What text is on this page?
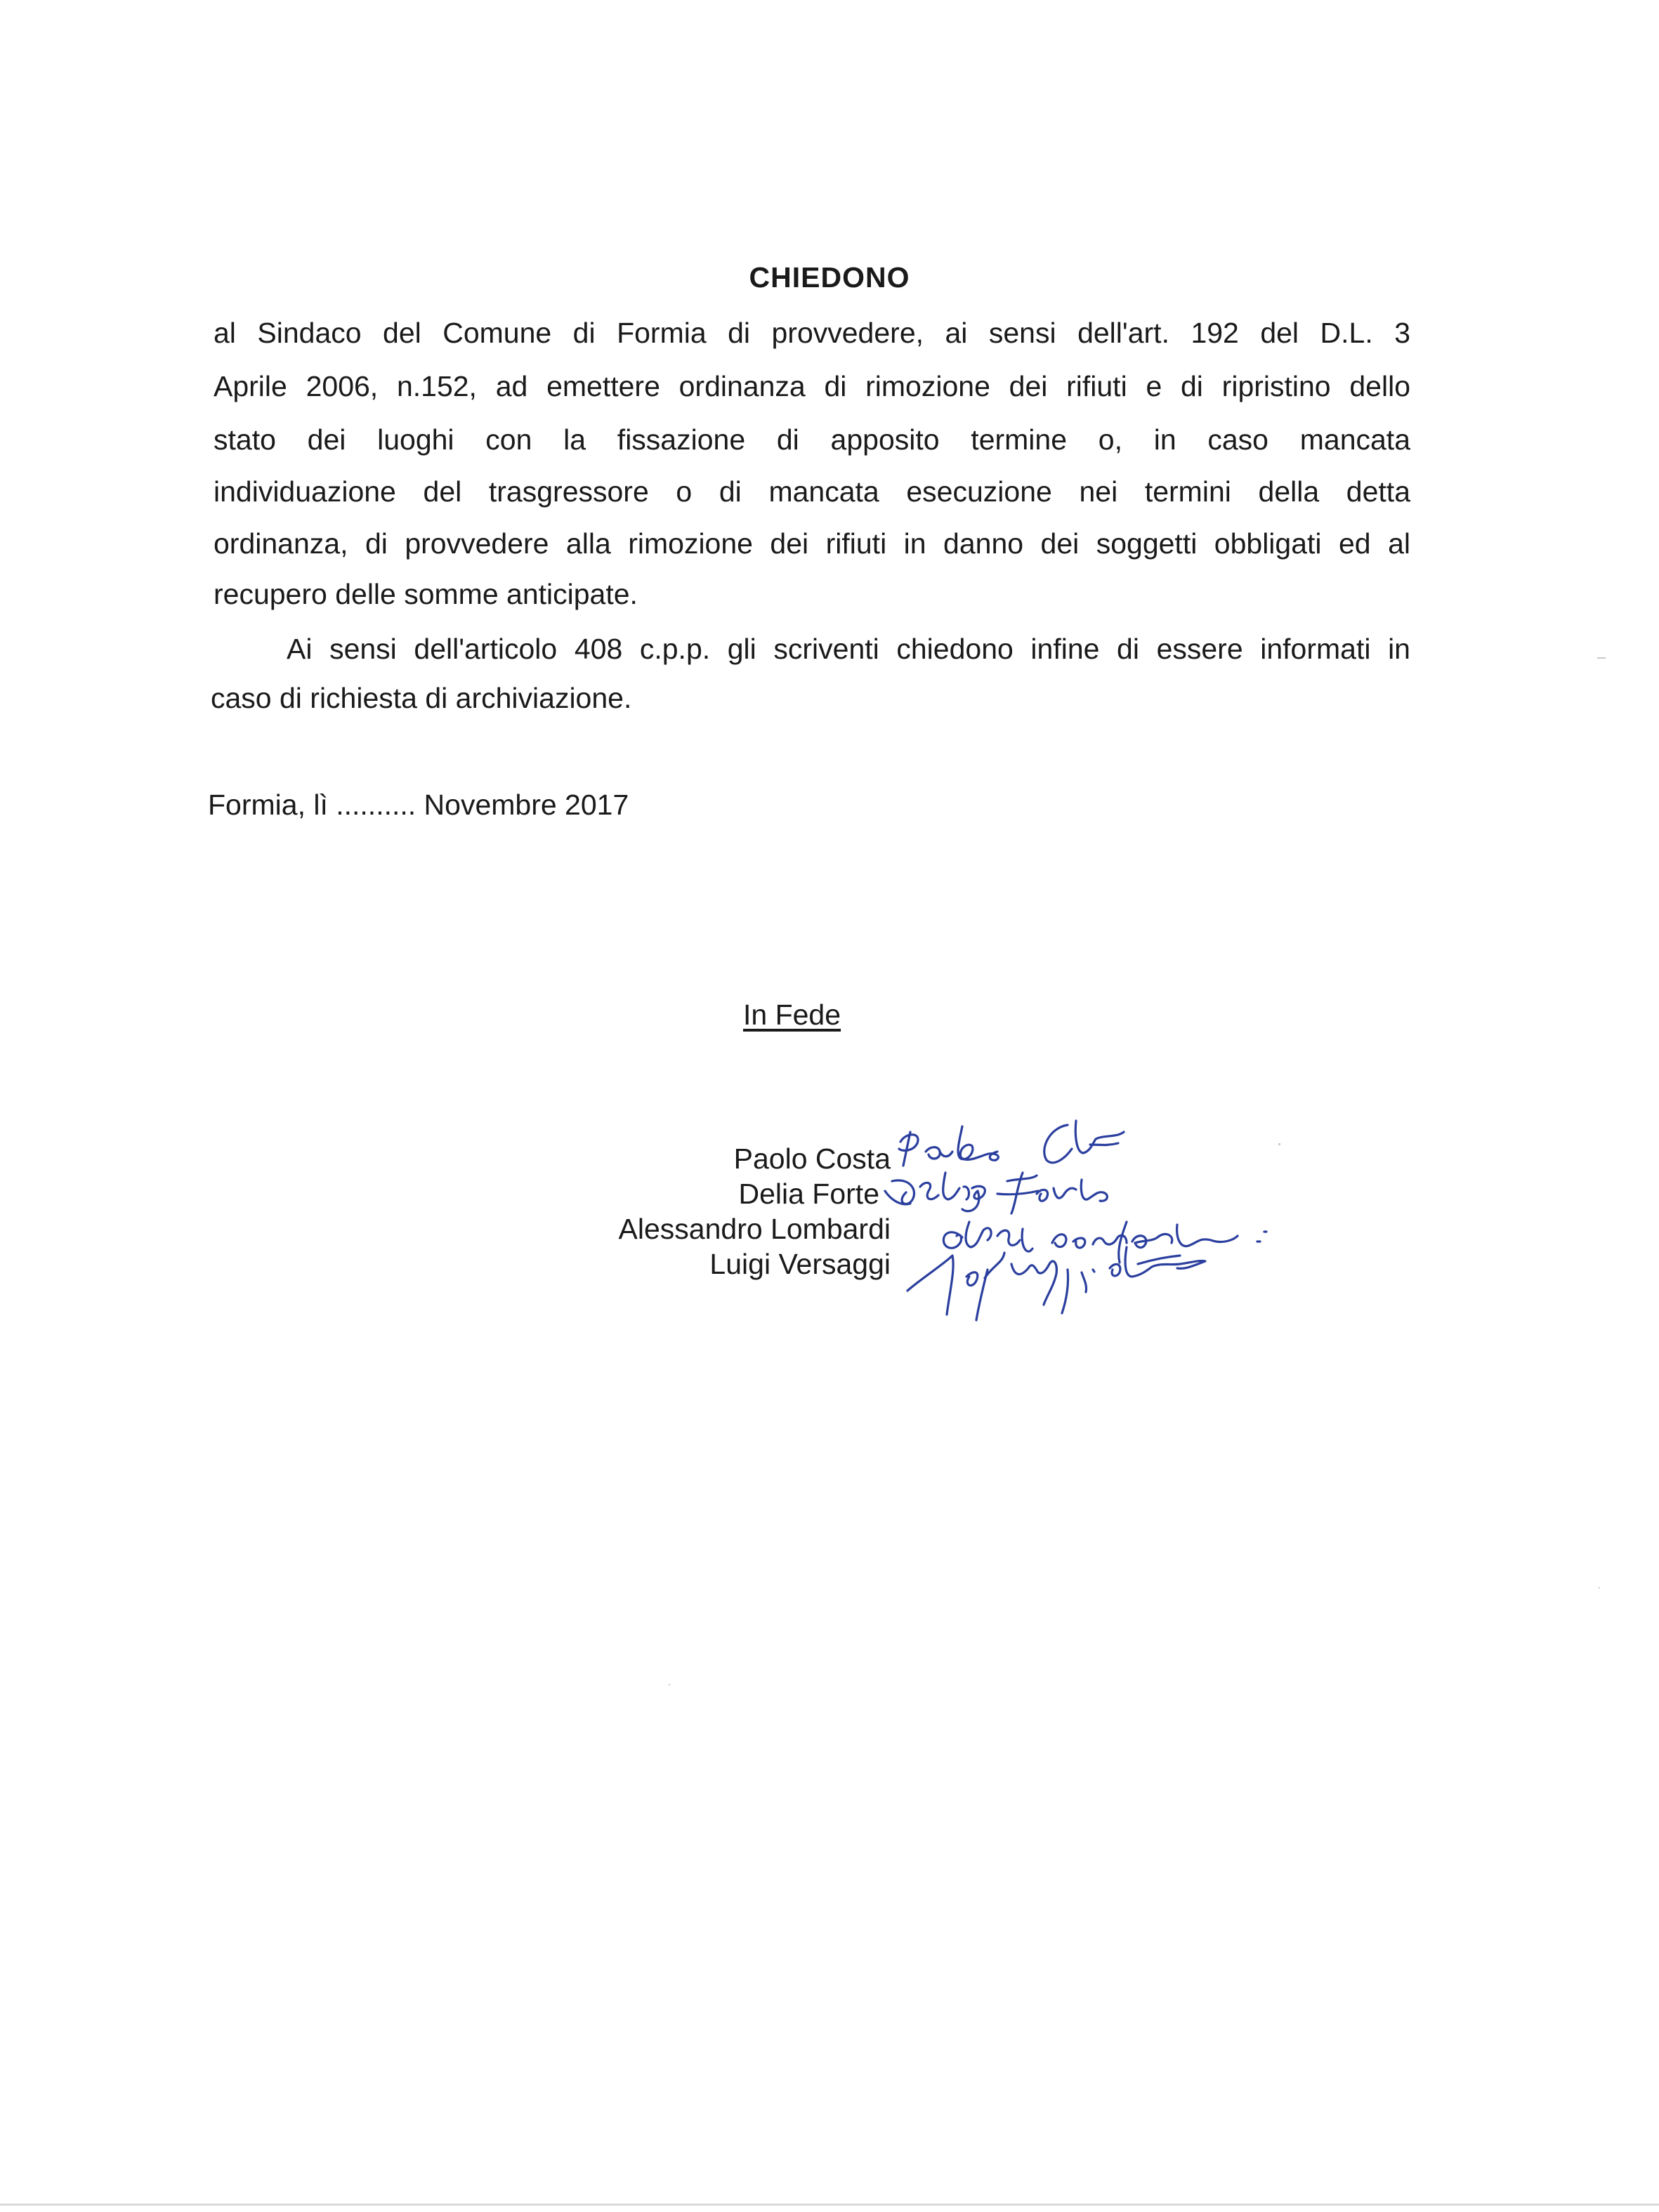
CHIEDONO
al Sindaco del Comune di Formia di provvedere, ai sensi dell'art. 192 del D.L. 3
Aprile 2006, n.152, ad emettere ordinanza di rimozione dei rifiuti e di ripristino dello
stato dei luoghi con la fissazione di apposito termine o, in caso mancata
individuazione del trasgressore o di mancata esecuzione nei termini della detta
ordinanza, di provvedere alla rimozione dei rifiuti in danno dei soggetti obbligati ed al
recupero delle somme anticipate.
Ai sensi dell'articolo 408 c.p.p. gli scriventi chiedono infine di essere informati in
caso di richiesta di archiviazione.
Formia, lì .......... Novembre 2017
In Fede
Paolo Costa
Delia Forte
Alessandro Lombardi
Luigi Versaggi
